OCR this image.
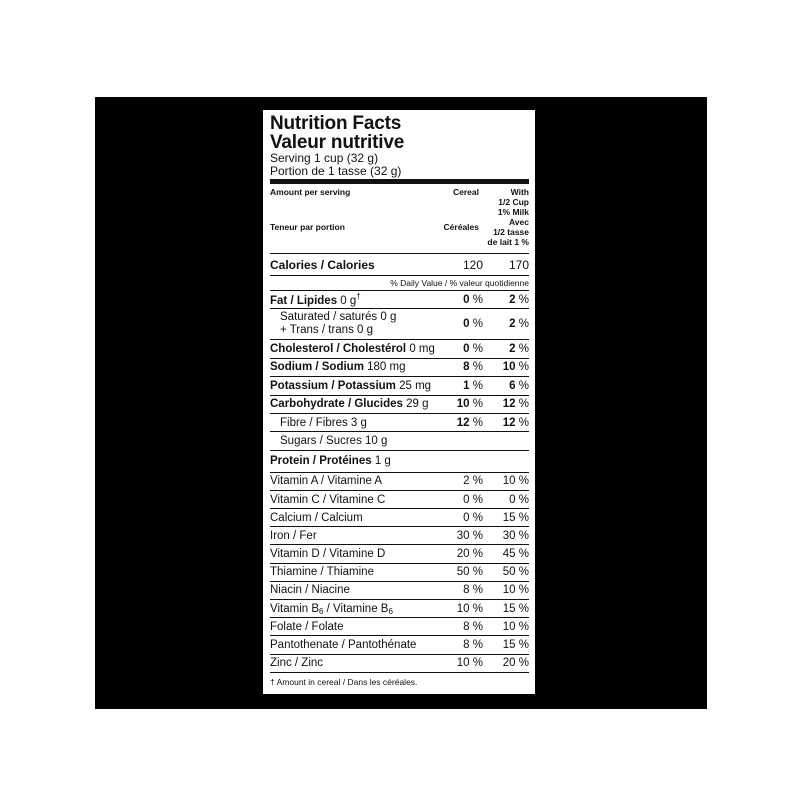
Nutrition Facts
Valeur nutritive
Serving 1 cup (32 g)
Portion de 1 tasse (32 g)
Amount per serving
Teneur par portion
Cereal
Céréales
With
1/2 Cup
1% Milk
Avec
1/2 tasse
de lait 1 %
Calories / Calories	120	170
% Daily Value / % valeur quotidienne
Fat / Lipides 0 g†	0 %	2 %
Saturated / saturés 0 g
+ Trans / trans 0 g	0 %	2 %
Cholesterol / Cholestérol 0 mg	0 %	2 %
Sodium / Sodium 180 mg	8 %	10 %
Potassium / Potassium 25 mg	1 %	6 %
Carbohydrate / Glucides 29 g	10 %	12 %
Fibre / Fibres 3 g	12 %	12 %
Sugars / Sucres 10 g
Protein / Protéines 1 g
Vitamin A / Vitamine A	2 %	10 %
Vitamin C / Vitamine C	0 %	0 %
Calcium / Calcium	0 %	15 %
Iron / Fer	30 %	30 %
Vitamin D / Vitamine D	20 %	45 %
Thiamine / Thiamine	50 %	50 %
Niacin / Niacine	8 %	10 %
Vitamin $B_6$ / Vitamine $B_6$	10 %	15 %
Folate / Folate	8 %	10 %
Pantothenate / Pantothénate	8 %	15 %
Zinc / Zinc	10 %	20 %
† Amount in cereal / Dans les céréales.
